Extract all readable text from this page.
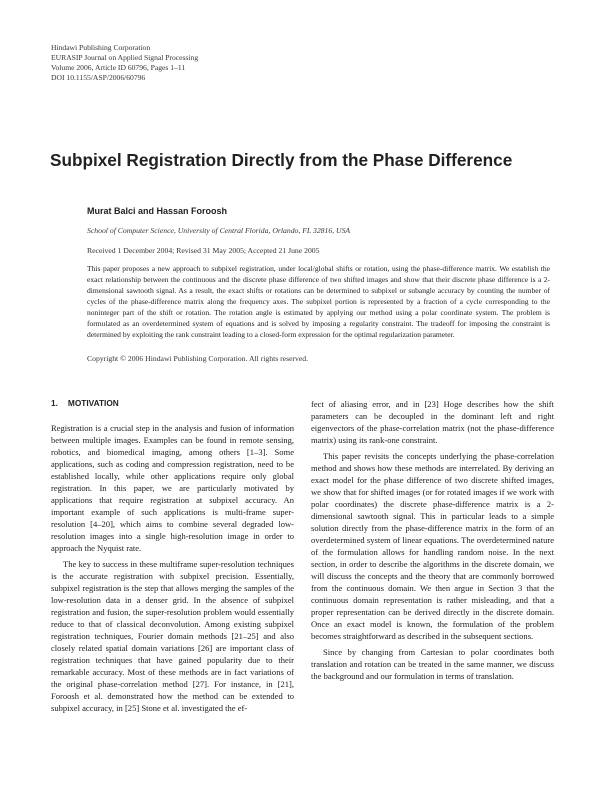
Hindawi Publishing Corporation
EURASIP Journal on Applied Signal Processing
Volume 2006, Article ID 60796, Pages 1–11
DOI 10.1155/ASP/2006/60796
Subpixel Registration Directly from the Phase Difference

Murat Balci and Hassan Foroosh

School of Computer Science, University of Central Florida, Orlando, FL 32816, USA

Received 1 December 2004; Revised 31 May 2005; Accepted 21 June 2005

This paper proposes a new approach to subpixel registration, under local/global shifts or rotation, using the phase-difference matrix. We establish the exact relationship between the continuous and the discrete phase difference of two shifted images and show that their discrete phase difference is a 2-dimensional sawtooth signal. As a result, the exact shifts or rotations can be determined to subpixel or subangle accuracy by counting the number of cycles of the phase-difference matrix along the frequency axes. The subpixel portion is represented by a fraction of a cycle corresponding to the noninteger part of the shift or rotation. The rotation angle is estimated by applying our method using a polar coordinate system. The problem is formulated as an overdetermined system of equations and is solved by imposing a regularity constraint. The tradeoff for imposing the constraint is determined by exploiting the rank constraint leading to a closed-form expression for the optimal regularization parameter.

Copyright © 2006 Hindawi Publishing Corporation. All rights reserved.

1. MOTIVATION

Registration is a crucial step in the analysis and fusion of information between multiple images. Examples can be found in remote sensing, robotics, and biomedical imaging, among others [1–3]. Some applications, such as coding and compression registration, need to be established locally, while other applications require only global registration. In this paper, we are particularly motivated by applications that require registration at subpixel accuracy. An important example of such applications is multi-frame super-resolution [4–20], which aims to combine several degraded low-resolution images into a single high-resolution image in order to approach the Nyquist rate.

The key to success in these multiframe super-resolution techniques is the accurate registration with subpixel precision. Essentially, subpixel registration is the step that allows merging the samples of the low-resolution data in a denser grid. In the absence of subpixel registration and fusion, the super-resolution problem would essentially reduce to that of classical deconvolution. Among existing subpixel registration techniques, Fourier domain methods [21–25] and also closely related spatial domain variations [26] are important class of registration techniques that have gained popularity due to their remarkable accuracy. Most of these methods are in fact variations of the original phase-correlation method [27]. For instance, in [21], Foroosh et al. demonstrated how the method can be extended to subpixel accuracy, in [25] Stone et al. investigated the ef-

fect of aliasing error, and in [23] Hoge describes how the shift parameters can be decoupled in the dominant left and right eigenvectors of the phase-correlation matrix (not the phase-difference matrix) using its rank-one constraint.

This paper revisits the concepts underlying the phase-correlation method and shows how these methods are interrelated. By deriving an exact model for the phase difference of two discrete shifted images, we show that for shifted images (or for rotated images if we work with polar coordinates) the discrete phase-difference matrix is a 2-dimensional sawtooth signal. This in particular leads to a simple solution directly from the phase-difference matrix in the form of an overdetermined system of linear equations. The overdetermined nature of the formulation allows for handling random noise. In the next section, in order to describe the algorithms in the discrete domain, we will discuss the concepts and the theory that are commonly borrowed from the continuous domain. We then argue in Section 3 that the continuous domain representation is rather misleading, and that a proper representation can be derived directly in the discrete domain. Once an exact model is known, the formulation of the problem becomes straightforward as described in the subsequent sections.

Since by changing from Cartesian to polar coordinates both translation and rotation can be treated in the same manner, we discuss the background and our formulation in terms of translation.
